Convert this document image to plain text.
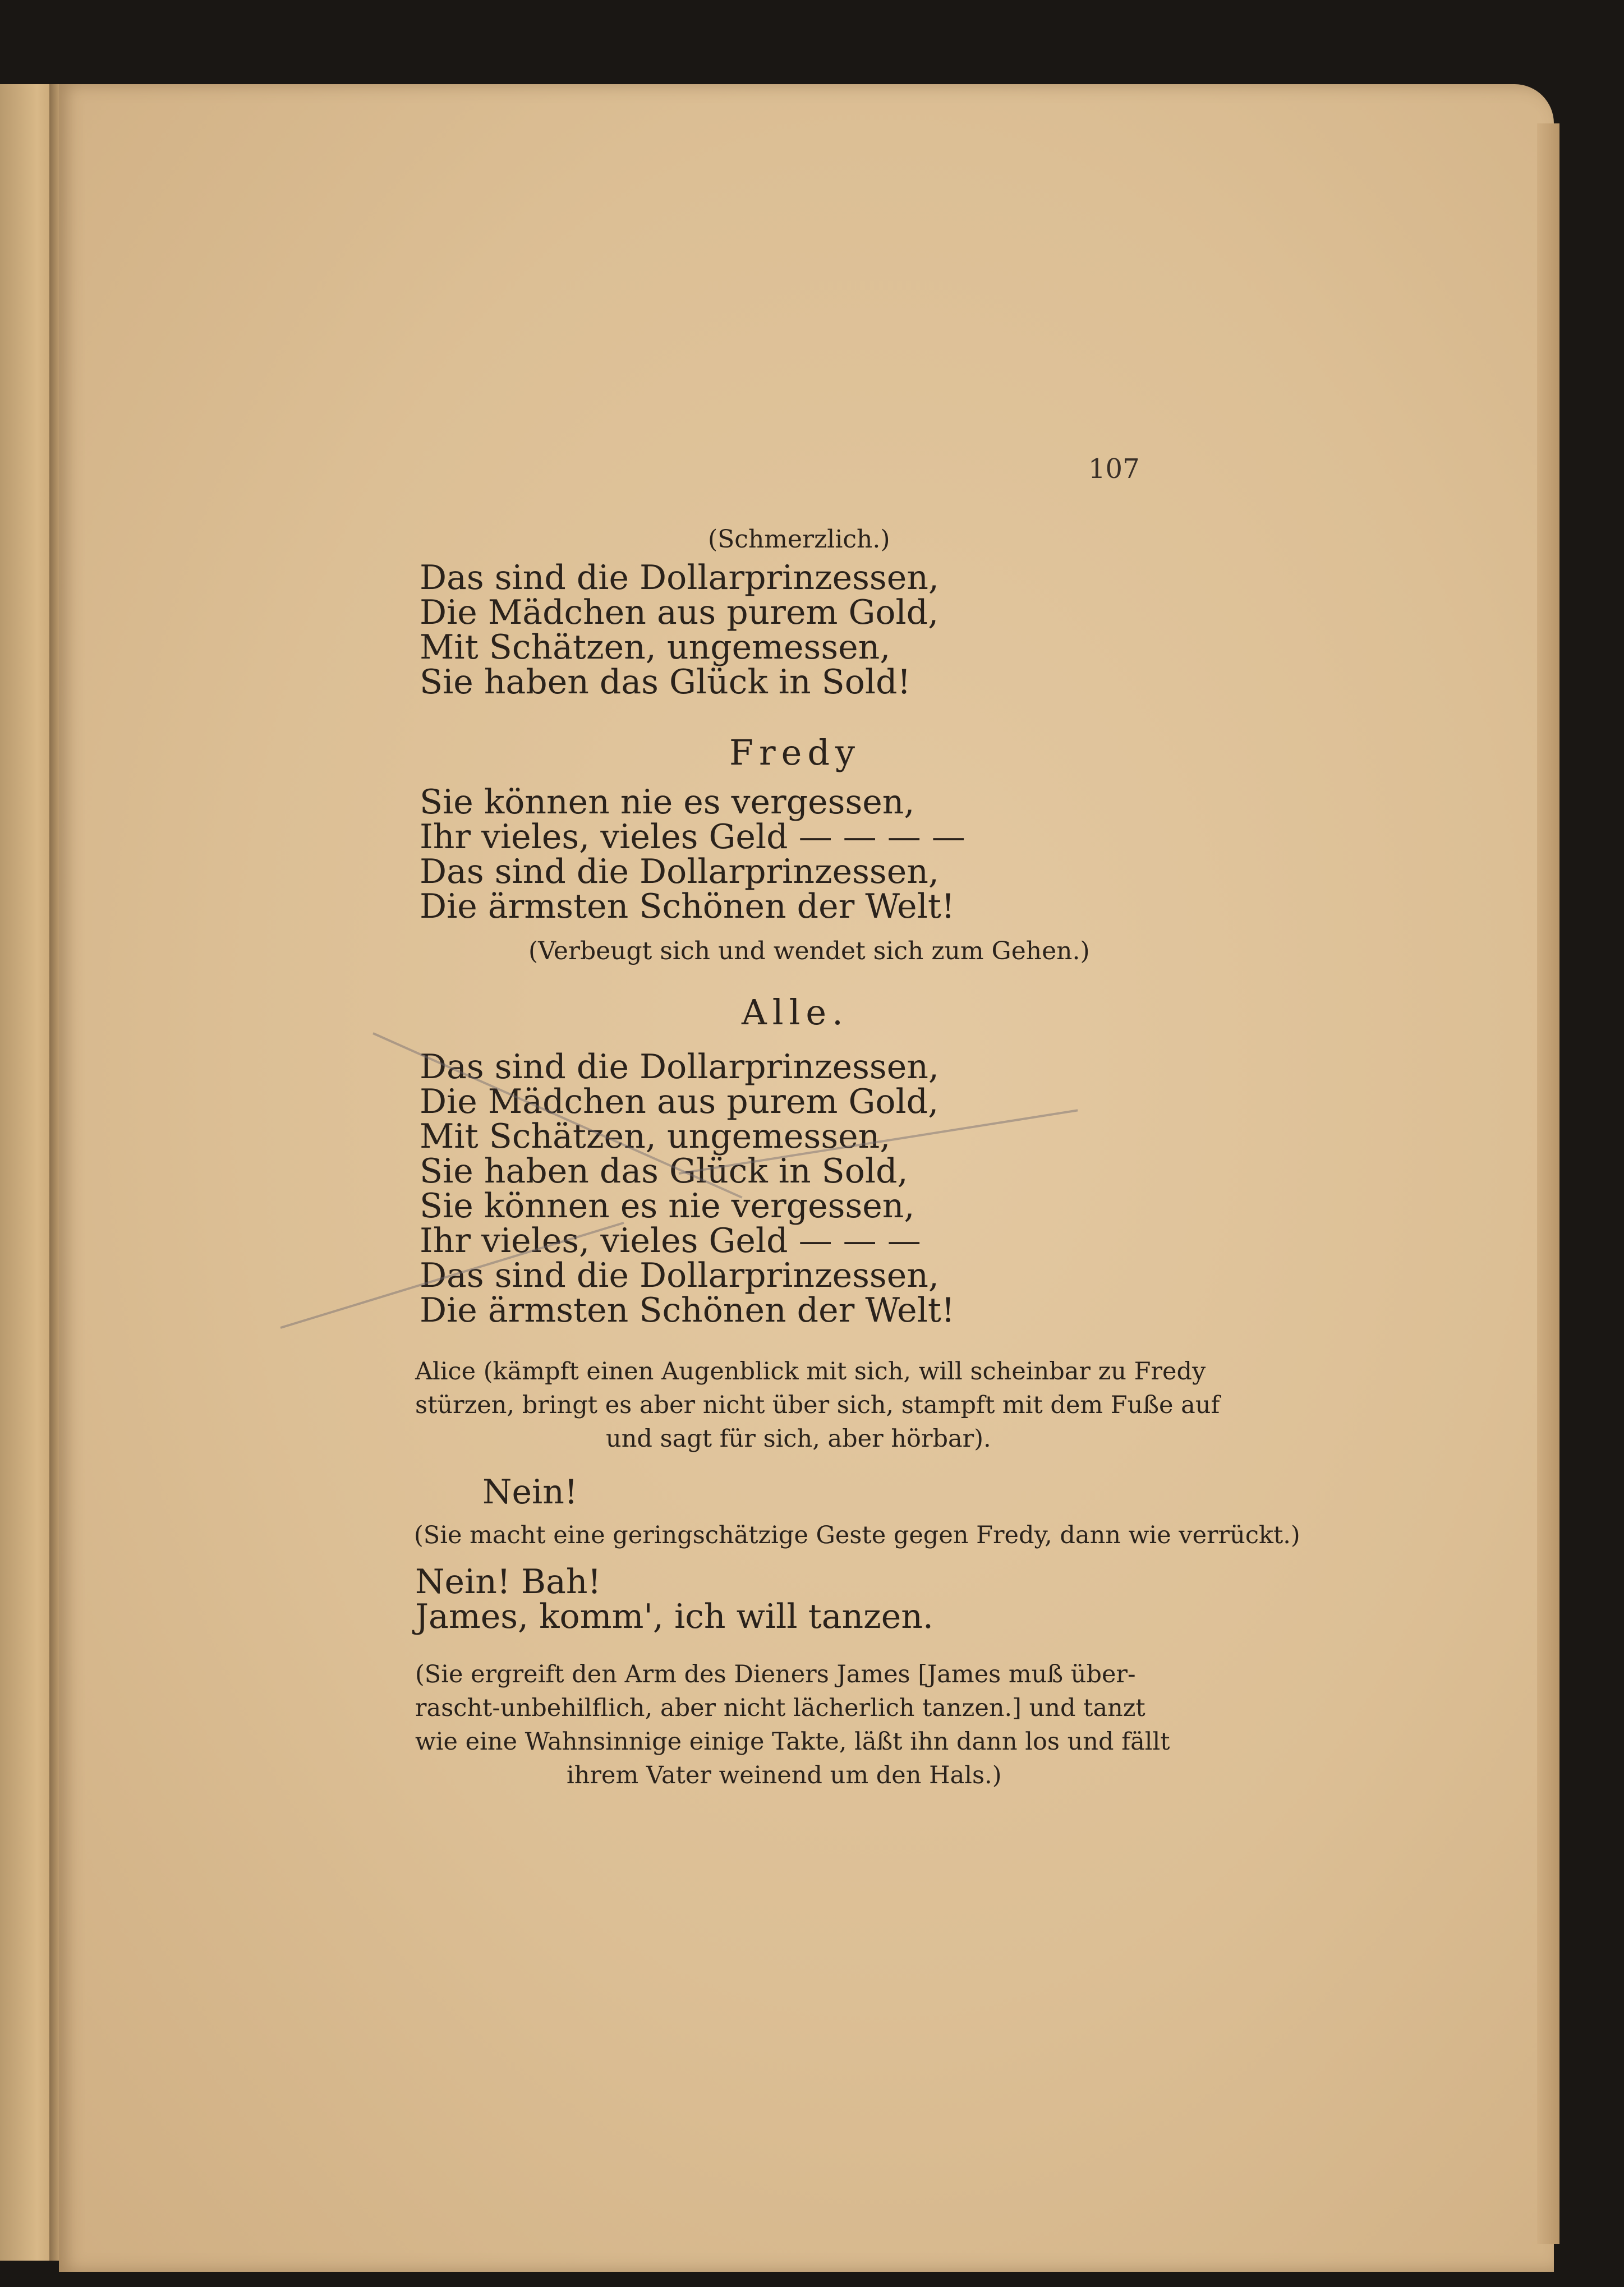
107
(Schmerzlich.)
Das sind die Dollarprinzessen,
Die Mädchen aus purem Gold,
Mit Schätzen, ungemessen,
Sie haben das Glück in Sold!
Fredy
Sie können nie es vergessen,
Ihr vieles, vieles Geld — — — —
Das sind die Dollarprinzessen,
Die ärmsten Schönen der Welt!
(Verbeugt sich und wendet sich zum Gehen.)
Alle.
Das sind die Dollarprinzessen,
Die Mädchen aus purem Gold,
Mit Schätzen, ungemessen,
Sie haben das Glück in Sold,
Sie können es nie vergessen,
Ihr vieles, vieles Geld — — —
Das sind die Dollarprinzessen,
Die ärmsten Schönen der Welt!
Alice (kämpft einen Augenblick mit sich, will scheinbar zu Fredy
stürzen, bringt es aber nicht über sich, stampft mit dem Fuße auf
und sagt für sich, aber hörbar).
Nein!
(Sie macht eine geringschätzige Geste gegen Fredy, dann wie verrückt.)
Nein! Bah!
James, komm', ich will tanzen.
(Sie ergreift den Arm des Dieners James [James muß über-
rascht-unbehilflich, aber nicht lächerlich tanzen.] und tanzt
wie eine Wahnsinnige einige Takte, läßt ihn dann los und fällt
ihrem Vater weinend um den Hals.)
